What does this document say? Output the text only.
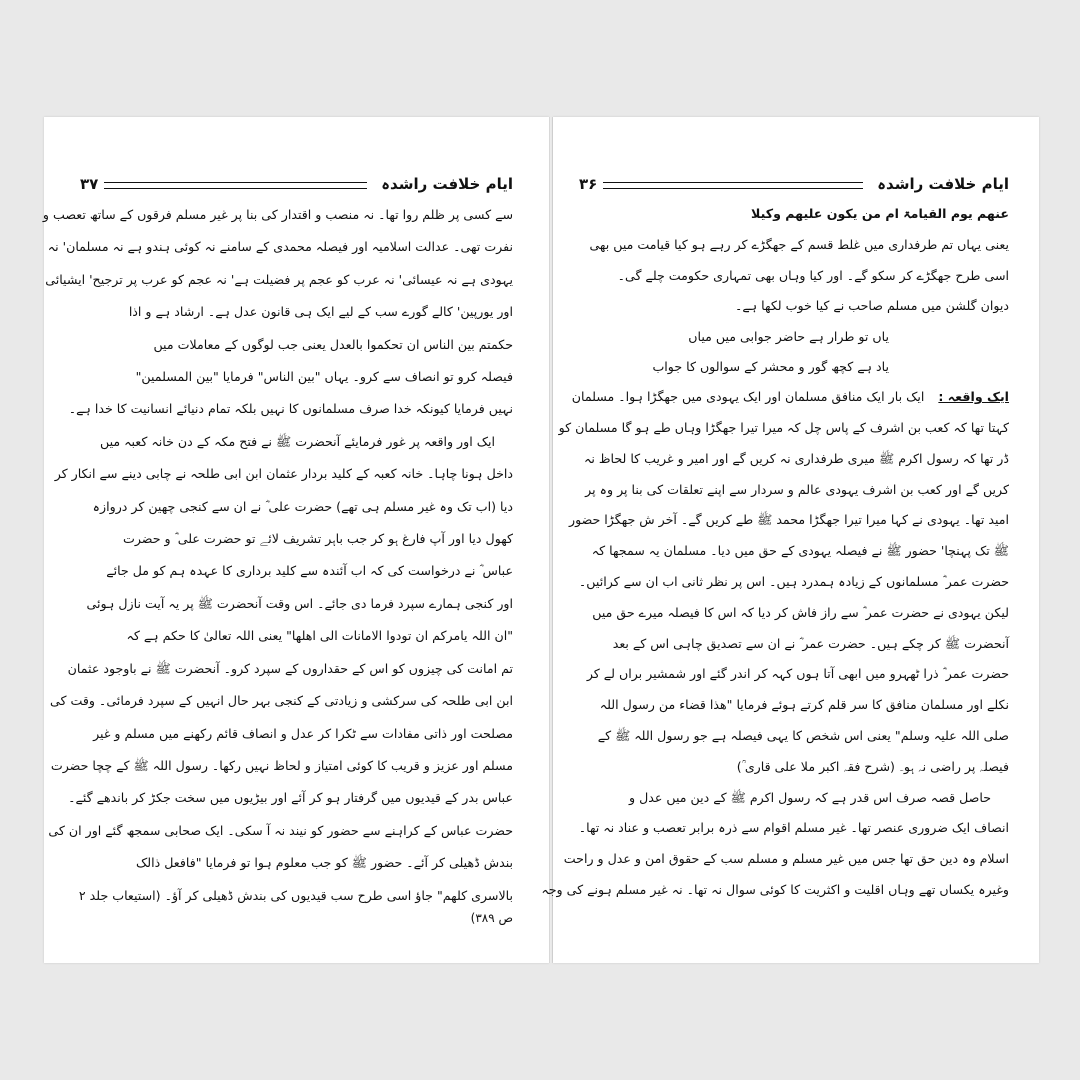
ایام خلافت راشدہ
۳۷
سے کسی پر ظلم روا تھا۔ نہ منصب و اقتدار کی بنا پر غیر مسلم فرقوں کے ساتھ تعصب و
نفرت تھی۔ عدالت اسلامیہ اور فیصلہ محمدی کے سامنے نہ کوئی ہندو ہے نہ مسلمان' نہ
یہودی ہے نہ عیسائی' نہ عرب کو عجم پر فضیلت ہے' نہ عجم کو عرب پر ترجیح' ایشیائی
اور یورپین' کالے گورے سب کے لیے ایک ہی قانون عدل ہے۔ ارشاد ہے و اذا
حکمتم بین الناس ان تحکموا بالعدل یعنی جب لوگوں کے معاملات میں
فیصلہ کرو تو انصاف سے کرو۔ یہاں "بین الناس" فرمایا "بین المسلمین"
نہیں فرمایا کیونکہ خدا صرف مسلمانوں کا نہیں بلکہ تمام دنیائے انسانیت کا خدا ہے۔
ایک اور واقعہ پر غور فرمایئے آنحضرت ﷺ نے فتح مکہ کے دن خانہ کعبہ میں
داخل ہونا چاہا۔ خانہ کعبہ کے کلید بردار عثمان ابن ابی طلحہ نے چابی دینے سے انکار کر
دیا (اب تک وہ غیر مسلم ہی تھے) حضرت علی ؓ نے ان سے کنجی چھین کر دروازہ
کھول دیا اور آپ فارغ ہو کر جب باہر تشریف لائے تو حضرت علی ؓ و حضرت
عباس ؓ نے درخواست کی کہ اب آئندہ سے کلید برداری کا عہدہ ہم کو مل جائے
اور کنجی ہمارے سپرد فرما دی جائے۔ اس وقت آنحضرت ﷺ پر یہ آیت نازل ہوئی
"ان اللہ یامرکم ان تودوا الامانات الی اھلھا" یعنی اللہ تعالیٰ کا حکم ہے کہ
تم امانت کی چیزوں کو اس کے حقداروں کے سپرد کرو۔ آنحضرت ﷺ نے باوجود عثمان
ابن ابی طلحہ کی سرکشی و زیادتی کے کنجی بہر حال انہیں کے سپرد فرمائی۔ وقت کی
مصلحت اور ذاتی مفادات سے ٹکرا کر عدل و انصاف قائم رکھنے میں مسلم و غیر
مسلم اور عزیز و قریب کا کوئی امتیاز و لحاظ نہیں رکھا۔ رسول اللہ ﷺ کے چچا حضرت
عباس بدر کے قیدیوں میں گرفتار ہو کر آئے اور بیڑیوں میں سخت جکڑ کر باندھے گئے۔
حضرت عباس کے کراہنے سے حضور کو نیند نہ آ سکی۔ ایک صحابی سمجھ گئے اور ان کی
بندش ڈھیلی کر آئے۔ حضور ﷺ کو جب معلوم ہوا تو فرمایا "فافعل ذالک
بالاسری کلھم" جاؤ اسی طرح سب قیدیوں کی بندش ڈھیلی کر آؤ۔ (استیعاب جلد ۲
ص ۳۸۹)
ایام خلافت راشدہ
۳۶
عنھم یوم القیامۃ ام من یکون علیھم وکیلا
یعنی یہاں تم طرفداری میں غلط قسم کے جھگڑے کر رہے ہو کیا قیامت میں بھی
اسی طرح جھگڑے کر سکو گے۔ اور کیا وہاں بھی تمہاری حکومت چلے گی۔
دیوان گلشن میں مسلم صاحب نے کیا خوب لکھا ہے۔
یاں تو طرار ہے حاضر جوابی میں میاں
یاد ہے کچھ گور و محشر کے سوالوں کا جواب
ایک واقعہ :ایک بار ایک منافق مسلمان اور ایک یہودی میں جھگڑا ہوا۔ مسلمان
کہتا تھا کہ کعب بن اشرف کے پاس چل کہ میرا تیرا جھگڑا وہاں طے ہو گا مسلمان کو
ڈر تھا کہ رسول اکرم ﷺ میری طرفداری نہ کریں گے اور امیر و غریب کا لحاظ نہ
کریں گے اور کعب بن اشرف یہودی عالم و سردار سے اپنے تعلقات کی بنا پر وہ پر
امید تھا۔ یہودی نے کہا میرا تیرا جھگڑا محمد ﷺ طے کریں گے۔ آخر ش جھگڑا حضور
ﷺ تک پہنچا' حضور ﷺ نے فیصلہ یہودی کے حق میں دیا۔ مسلمان یہ سمجھا کہ
حضرت عمر ؓ مسلمانوں کے زیادہ ہمدرد ہیں۔ اس پر نظر ثانی اب ان سے کرائیں۔
لیکن یہودی نے حضرت عمر ؓ سے راز فاش کر دیا کہ اس کا فیصلہ میرے حق میں
آنحضرت ﷺ کر چکے ہیں۔ حضرت عمر ؓ نے ان سے تصدیق چاہی اس کے بعد
حضرت عمر ؓ ذرا ٹھہرو میں ابھی آتا ہوں کہہ کر اندر گئے اور شمشیر براں لے کر
نکلے اور مسلمان منافق کا سر قلم کرتے ہوئے فرمایا "ھذا قضاء من رسول اللہ
صلی اللہ علیہ وسلم" یعنی اس شخص کا یہی فیصلہ ہے جو رسول اللہ ﷺ کے
فیصلہ پر راضی نہ ہو۔ (شرح فقہ اکبر ملا علی قاری ؒ)
حاصل قصہ صرف اس قدر ہے کہ رسول اکرم ﷺ کے دین میں عدل و
انصاف ایک ضروری عنصر تھا۔ غیر مسلم اقوام سے ذرہ برابر تعصب و عناد نہ تھا۔
اسلام وہ دین حق تھا جس میں غیر مسلم و مسلم سب کے حقوق امن و عدل و راحت
وغیرہ یکساں تھے وہاں اقلیت و اکثریت کا کوئی سوال نہ تھا۔ نہ غیر مسلم ہونے کی وجہ
